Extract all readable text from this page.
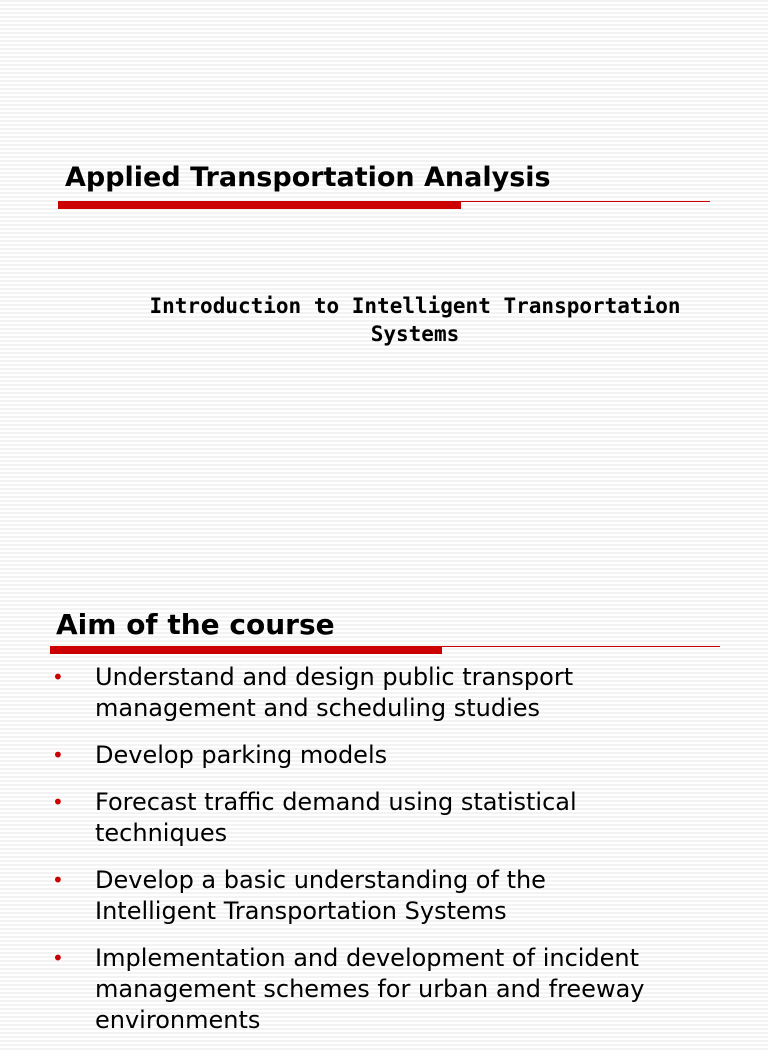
Applied Transportation Analysis

Introduction to Intelligent Transportation
Systems

Aim of the course
• Understand and design public transport
management and scheduling studies
• Develop parking models
• Forecast traffic demand using statistical
techniques
• Develop a basic understanding of the
Intelligent Transportation Systems
• Implementation and development of incident
management schemes for urban and freeway
environments
